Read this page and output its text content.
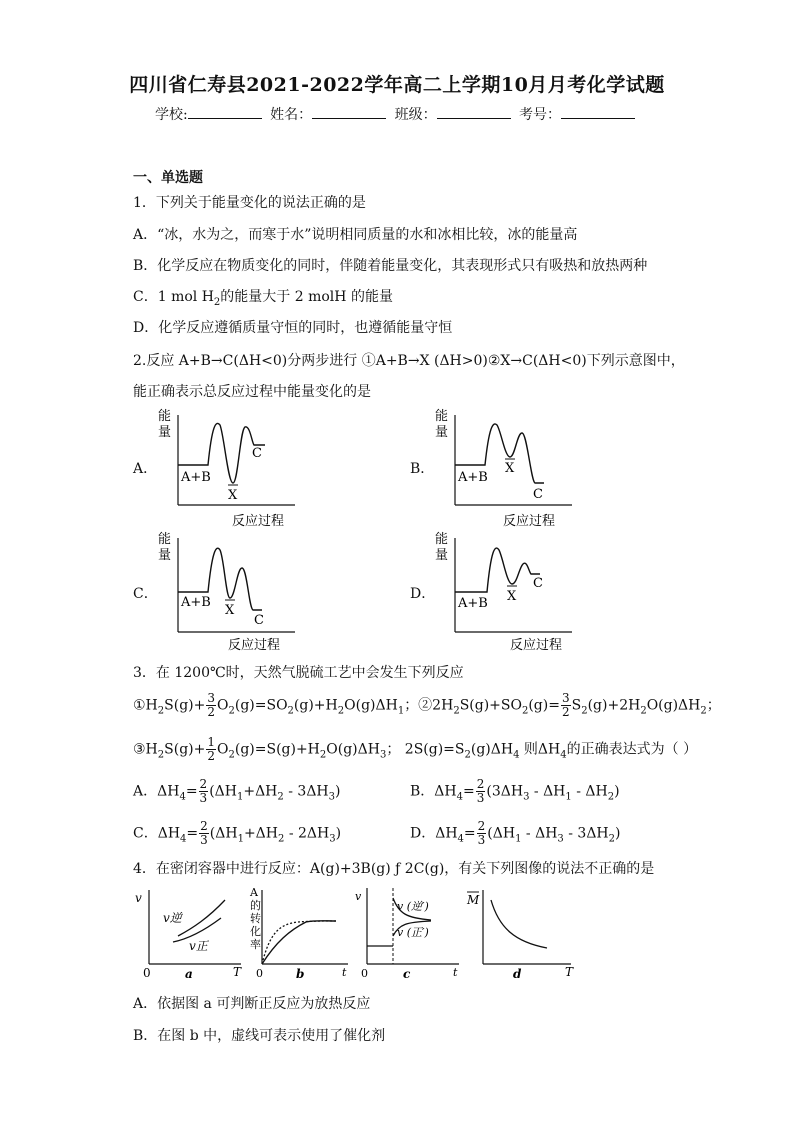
四川省仁寿县2021-2022学年高二上学期10月月考化学试题
学校:	姓名：	班级：	考号：
一、单选题
1．下列关于能量变化的说法正确的是
A．“冰，水为之，而寒于水”说明相同质量的水和冰相比较，冰的能量高
B．化学反应在物质变化的同时，伴随着能量变化，其表现形式只有吸热和放热两种
C．1 mol $H_2$的能量大于 2 molH 的能量
D．化学反应遵循质量守恒的同时，也遵循能量守恒
2.反应 A+B→C(ΔH<0)分两步进行 ①A+B→X (ΔH>0)②X→C(ΔH<0)下列示意图中，
能正确表示总反应过程中能量变化的是
A．	B．
C．	D．
能
量
A+B
X
C
反应过程
能
量
A+B
X
C
反应过程
能
量
A+B
X
C
反应过程
能
量
A+B X
C
反应过程
3．在 1200℃时，天然气脱硫工艺中会发生下列反应
$①H_2S(g)+ \frac{3}{2} O_2(g)=SO_2(g)+H_2O(g)\Delta H_1$；$②2H_2S(g)+SO_2(g)= \frac{3}{2} S_2(g)+2H_2O(g)\Delta H_2$；
$③H_2S(g)+ \frac{1}{2} O_2(g)=S(g)+H_2O(g)\Delta H_3$； $2S(g)=S_2(g)\Delta H_4$ 则$\Delta H_4$的正确表达式为（ ）
A．$\Delta H_4= \frac{2}{3} (\Delta H_1+\Delta H_2 - 3\Delta H_3)$	B．$\Delta H_4= \frac{2}{3} (3\Delta H_3 - \Delta H_1 - \Delta H_2)$
C．$\Delta H_4= \frac{2}{3} (\Delta H_1+\Delta H_2 - 2\Delta H_3)$	D．$\Delta H_4= \frac{2}{3} (\Delta H_1 - \Delta H_3 - 3\Delta H_2)$
4．在密闭容器中进行反应：A(g)+3B(g) ƒ 2C(g)，有关下列图像的说法不正确的是
v
v逆
v正
0	T
a
A
的
转
化
率
0	t
b
v
v (逆′)
v (正′)
0	t
c
M
T
d
A．依据图 a 可判断正反应为放热反应
B．在图 b 中，虚线可表示使用了催化剂
